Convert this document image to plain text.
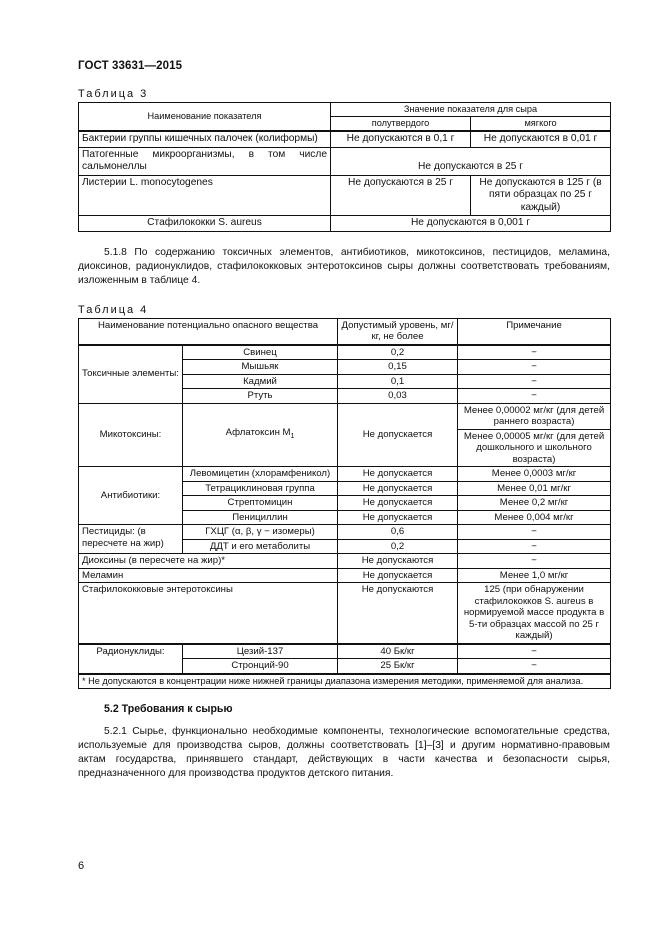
ГОСТ 33631—2015
Таблица 3
Наименование показателя	Значение показателя для сыра	
	полутвердого	мягкого
Бактерии группы кишечных палочек (колиформы)	Не допускаются в 0,1 г	Не допускаются в 0,01 г
Патогенные микроорганизмы, в том числе сальмонеллы	Не допускаются в 25 г	
Листерии L. monocytogenes	Не допускаются в 25 г	Не допускаются в 125 г (в пяти образцах по 25 г каждый)
Стафилококки S. aureus	Не допускаются в 0,001 г	

5.1.8 По содержанию токсичных элементов, антибиотиков, микотоксинов, пестицидов, меламина, диоксинов, радионуклидов, стафилококковых энтеротоксинов сыры должны соответствовать требованиям, изложенным в таблице 4.

Таблица 4
Наименование потенциально опасного вещества		Допустимый уровень, мг/кг, не более	Примечание
Токсичные элементы:	Свинец	0,2	−
	Мышьяк	0,15	−
	Кадмий	0,1	−
	Ртуть	0,03	−
Микотоксины:	Афлатоксин $M_1$	Не допускается	Менее 0,00002 мг/кг (для детей раннего возраста)
			Менее 0,00005 мг/кг (для детей дошкольного и школьного возраста)
Антибиотики:	Левомицетин (хлорамфеникол)	Не допускается	Менее 0,0003 мг/кг
	Тетрациклиновая группа	Не допускается	Менее 0,01 мг/кг
	Стрептомицин	Не допускается	Менее 0,2 мг/кг
	Пенициллин	Не допускается	Менее 0,004 мг/кг
Пестициды: (в пересчете на жир)	ГХЦГ (α, β, γ − изомеры)	0,6	−
	ДДТ и его метаболиты	0,2	−
Диоксины (в пересчете на жир)*		Не допускаются	−
Меламин		Не допускается	Менее 1,0 мг/кг
Стафилококковые энтеротоксины		Не допускаются	125 (при обнаружении стафилококков S. aureus в нормируемой массе продукта в 5-ти образцах массой по 25 г каждый)
Радионуклиды:	Цезий-137	40 Бк/кг	−
	Стронций-90	25 Бк/кг	−
* Не допускаются в концентрации ниже нижней границы диапазона измерения методики, применяемой для анализа.			
5.2 Требования к сырью

5.2.1 Сырье, функционально необходимые компоненты, технологические вспомогательные средства, используемые для производства сыров, должны соответствовать [1]–[3] и другим нормативно-правовым актам государства, принявшего стандарт, действующих в части качества и безопасности сырья, предназначенного для производства продуктов детского питания.

6
